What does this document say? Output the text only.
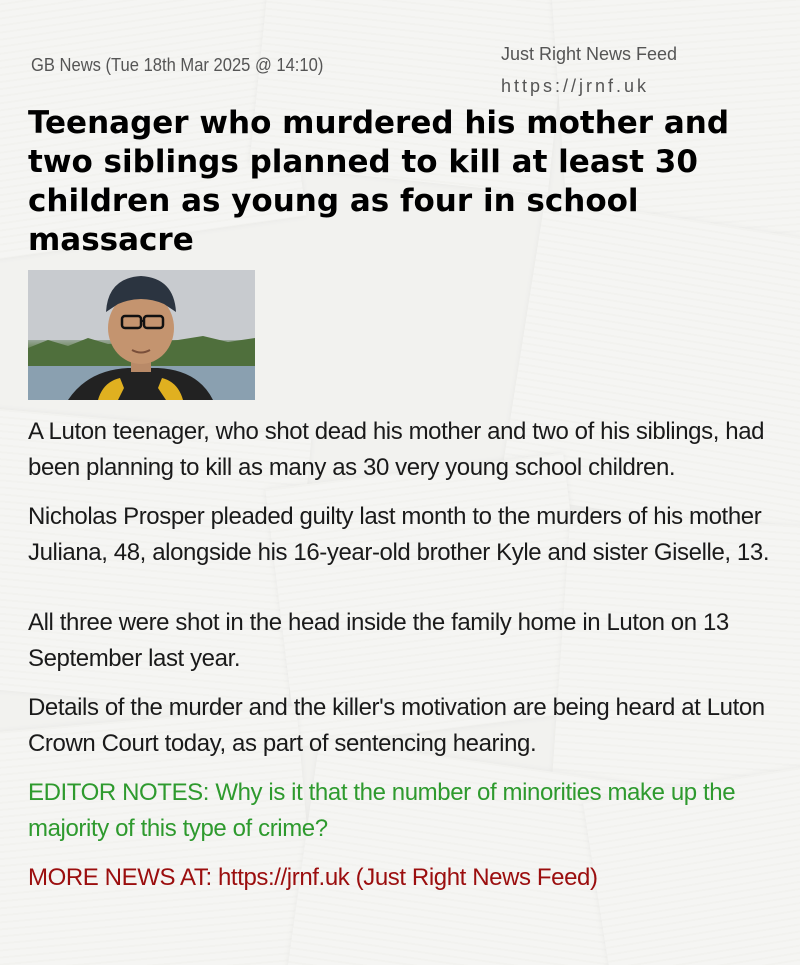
GB News (Tue 18th Mar 2025 @ 14:10)
Just Right News Feed
https://jrnf.uk
Teenager who murdered his mother and two siblings planned to kill at least 30 children as young as four in school massacre

A Luton teenager, who shot dead his mother and two of his siblings, had been planning to kill as many as 30 very young school children.

Nicholas Prosper pleaded guilty last month to the murders of his mother Juliana, 48, alongside his 16-year-old brother Kyle and sister Giselle, 13.

All three were shot in the head inside the family home in Luton on 13 September last year.

Details of the murder and the killer's motivation are being heard at Luton Crown Court today, as part of sentencing hearing.

EDITOR NOTES: Why is it that the number of minorities make up the majority of this type of crime?

MORE NEWS AT: https://jrnf.uk (Just Right News Feed)
